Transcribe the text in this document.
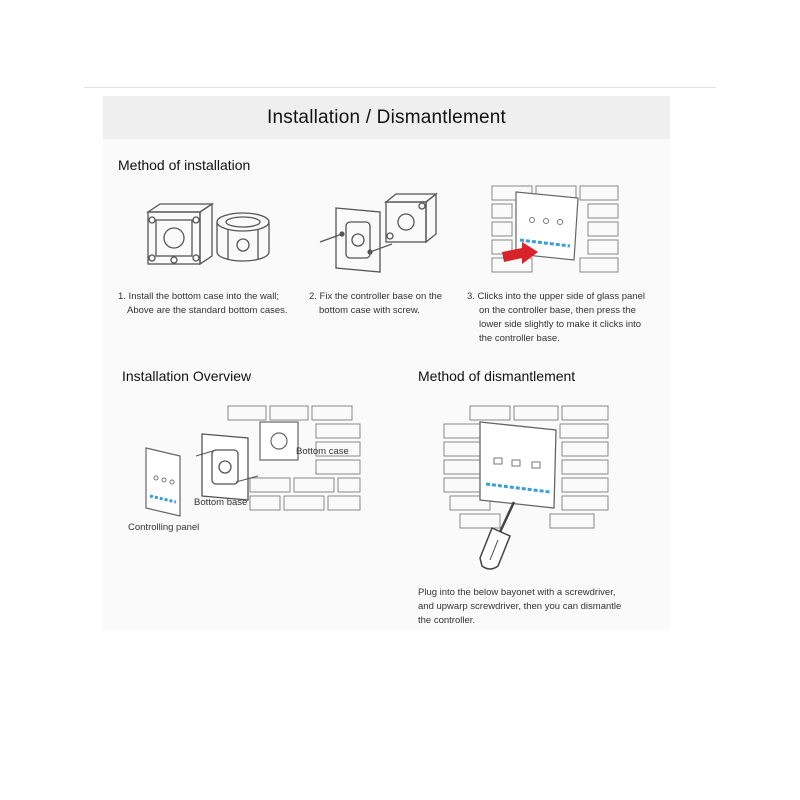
Installation / Dismantlement
Method of installation
1. Install the bottom case into the wall;
Above are the standard bottom cases.
2. Fix the controller base on the
bottom case with screw.
3. Clicks into the upper side of glass panel
on the controller base, then press the
lower side slightly to make it clicks into
the controller base.
Installation Overview
Bottom case
Bottom base
Controlling panel
Method of dismantlement
Plug into the below bayonet with a screwdriver,
and upwarp screwdriver, then you can dismantle
the controller.
